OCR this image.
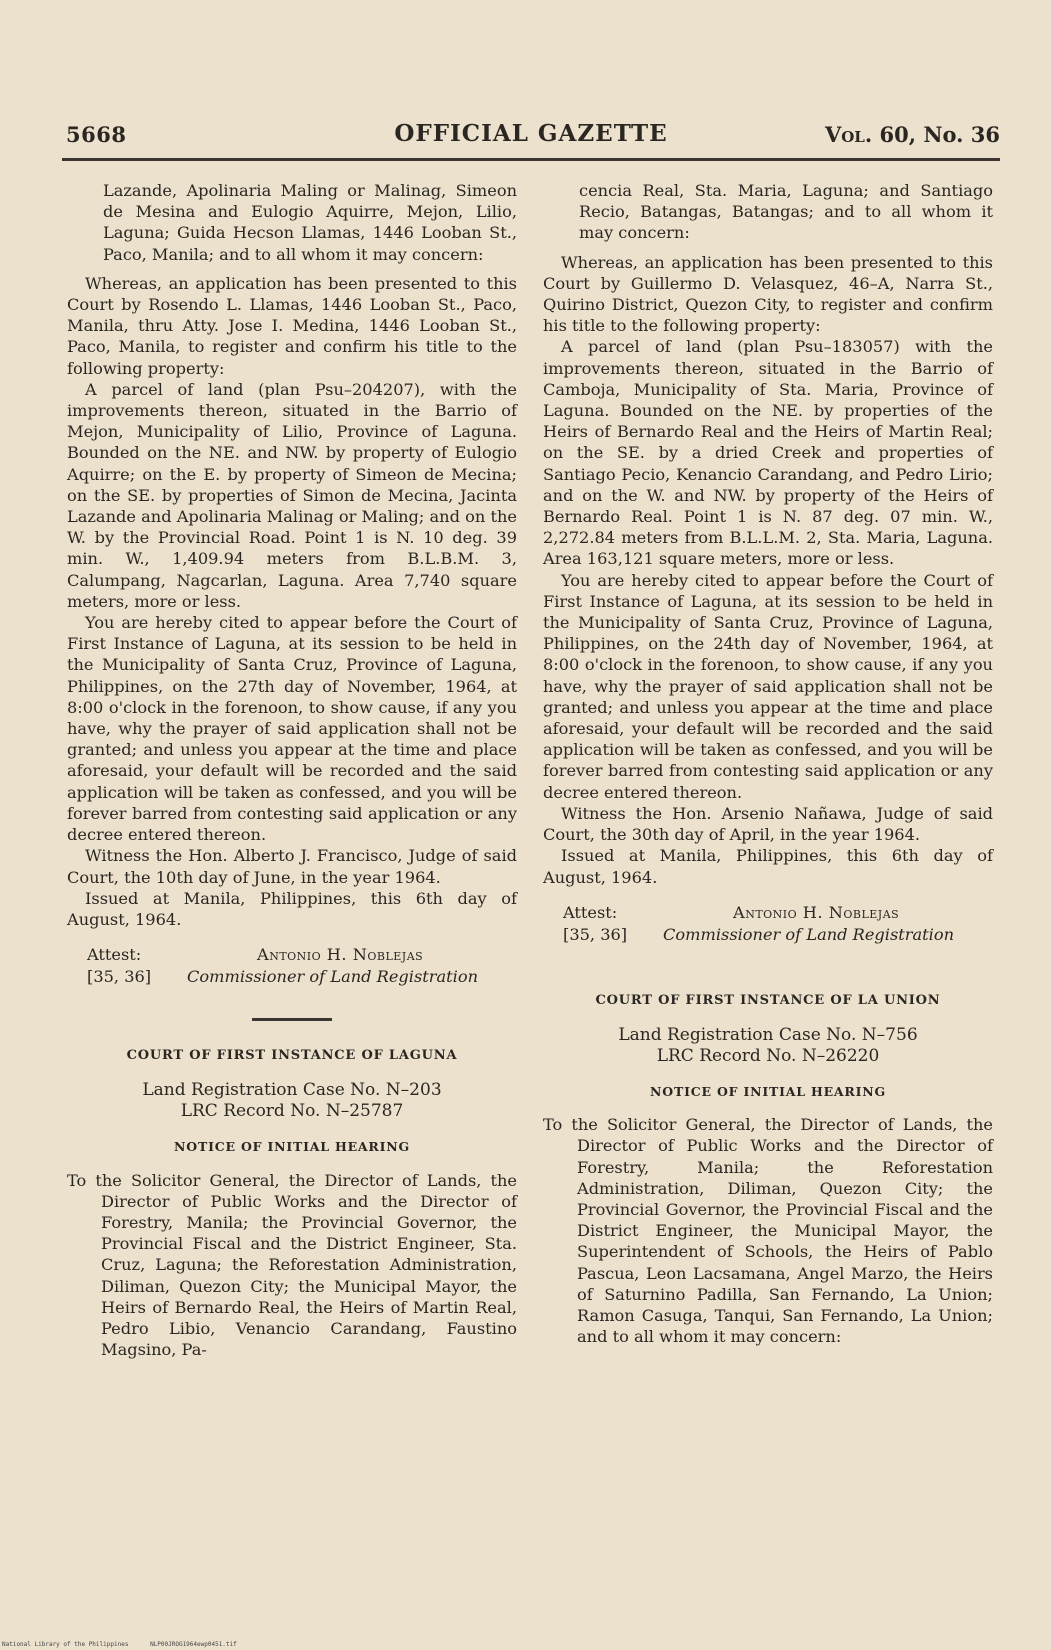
5668	OFFICIAL GAZETTE	Vol. 60, No. 36

Lazande, Apolinaria Maling or Malinag, Simeon de Mesina and Eulogio Aquirre, Mejon, Lilio, Laguna; Guida Hecson Llamas, 1446 Looban St., Paco, Manila; and to all whom it may concern:

Whereas, an application has been presented to this Court by Rosendo L. Llamas, 1446 Looban St., Paco, Manila, thru Atty. Jose I. Medina, 1446 Looban St., Paco, Manila, to register and confirm his title to the following property:

A parcel of land (plan Psu–204207), with the improvements thereon, situated in the Barrio of Mejon, Municipality of Lilio, Province of Laguna. Bounded on the NE. and NW. by property of Eulogio Aquirre; on the E. by property of Simeon de Mecina; on the SE. by properties of Simon de Mecina, Jacinta Lazande and Apolinaria Malinag or Maling; and on the W. by the Provincial Road. Point 1 is N. 10 deg. 39 min. W., 1,409.94 meters from B.L.B.M. 3, Calumpang, Nagcarlan, Laguna. Area 7,740 square meters, more or less.

You are hereby cited to appear before the Court of First Instance of Laguna, at its session to be held in the Municipality of Santa Cruz, Province of Laguna, Philippines, on the 27th day of November, 1964, at 8:00 o'clock in the forenoon, to show cause, if any you have, why the prayer of said application shall not be granted; and unless you appear at the time and place aforesaid, your default will be recorded and the said application will be taken as confessed, and you will be forever barred from contesting said application or any decree entered thereon.

Witness the Hon. Alberto J. Francisco, Judge of said Court, the 10th day of June, in the year 1964.

Issued at Manila, Philippines, this 6th day of August, 1964.

Attest:
[35, 36]
Antonio H. Noblejas
Commissioner of Land Registration
COURT OF FIRST INSTANCE OF LAGUNA
Land Registration Case No. N–203
LRC Record No. N–25787
NOTICE OF INITIAL HEARING

To the Solicitor General, the Director of Lands, the Director of Public Works and the Director of Forestry, Manila; the Provincial Governor, the Provincial Fiscal and the District Engineer, Sta. Cruz, Laguna; the Reforestation Administration, Diliman, Quezon City; the Municipal Mayor, the Heirs of Bernardo Real, the Heirs of Martin Real, Pedro Libio, Venancio Carandang, Faustino Magsino, Pa-

cencia Real, Sta. Maria, Laguna; and Santiago Recio, Batangas, Batangas; and to all whom it may concern:

Whereas, an application has been presented to this Court by Guillermo D. Velasquez, 46–A, Narra St., Quirino District, Quezon City, to register and confirm his title to the following property:

A parcel of land (plan Psu–183057) with the improvements thereon, situated in the Barrio of Camboja, Municipality of Sta. Maria, Province of Laguna. Bounded on the NE. by properties of the Heirs of Bernardo Real and the Heirs of Martin Real; on the SE. by a dried Creek and properties of Santiago Pecio, Kenancio Carandang, and Pedro Lirio; and on the W. and NW. by property of the Heirs of Bernardo Real. Point 1 is N. 87 deg. 07 min. W., 2,272.84 meters from B.L.L.M. 2, Sta. Maria, Laguna. Area 163,121 square meters, more or less.

You are hereby cited to appear before the Court of First Instance of Laguna, at its session to be held in the Municipality of Santa Cruz, Province of Laguna, Philippines, on the 24th day of November, 1964, at 8:00 o'clock in the forenoon, to show cause, if any you have, why the prayer of said application shall not be granted; and unless you appear at the time and place aforesaid, your default will be recorded and the said application will be taken as confessed, and you will be forever barred from contesting said application or any decree entered thereon.

Witness the Hon. Arsenio Nañawa, Judge of said Court, the 30th day of April, in the year 1964.

Issued at Manila, Philippines, this 6th day of August, 1964.

Attest:
[35, 36]
Antonio H. Noblejas
Commissioner of Land Registration
COURT OF FIRST INSTANCE OF LA UNION
Land Registration Case No. N–756
LRC Record No. N–26220
NOTICE OF INITIAL HEARING

To the Solicitor General, the Director of Lands, the Director of Public Works and the Director of Forestry, Manila; the Reforestation Administration, Diliman, Quezon City; the Provincial Governor, the Provincial Fiscal and the District Engineer, the Municipal Mayor, the Superintendent of Schools, the Heirs of Pablo Pascua, Leon Lacsamana, Angel Marzo, the Heirs of Saturnino Padilla, San Fernando, La Union; Ramon Casuga, Tanqui, San Fernando, La Union; and to all whom it may concern:

National Library of the Philippines	NLP00JROG1964ewp0451.tif
